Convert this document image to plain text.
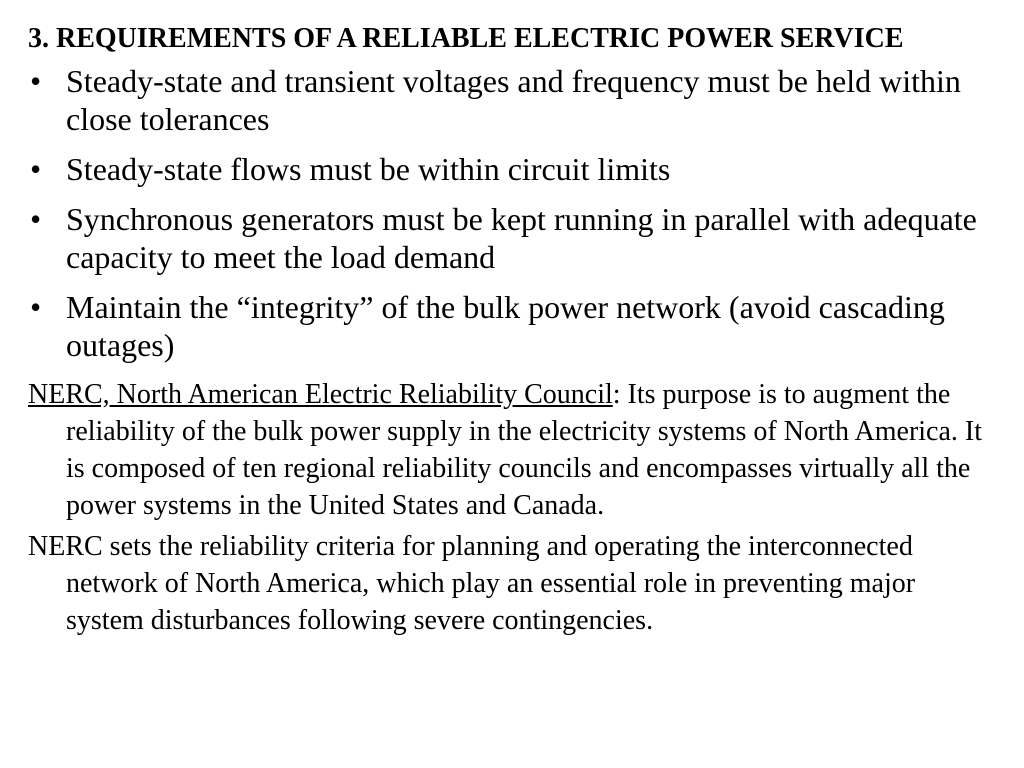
3. REQUIREMENTS OF A RELIABLE ELECTRIC POWER SERVICE
• Steady-state and transient voltages and frequency must be held within close tolerances
• Steady-state flows must be within circuit limits
• Synchronous generators must be kept running in parallel with adequate capacity to meet the load demand
• Maintain the “integrity” of the bulk power network (avoid cascading outages)

NERC, North American Electric Reliability Council: Its purpose is to augment the reliability of the bulk power supply in the electricity systems of North America. It is composed of ten regional reliability councils and encompasses virtually all the power systems in the United States and Canada.

NERC sets the reliability criteria for planning and operating the interconnected network of North America, which play an essential role in preventing major system disturbances following severe contingencies.
